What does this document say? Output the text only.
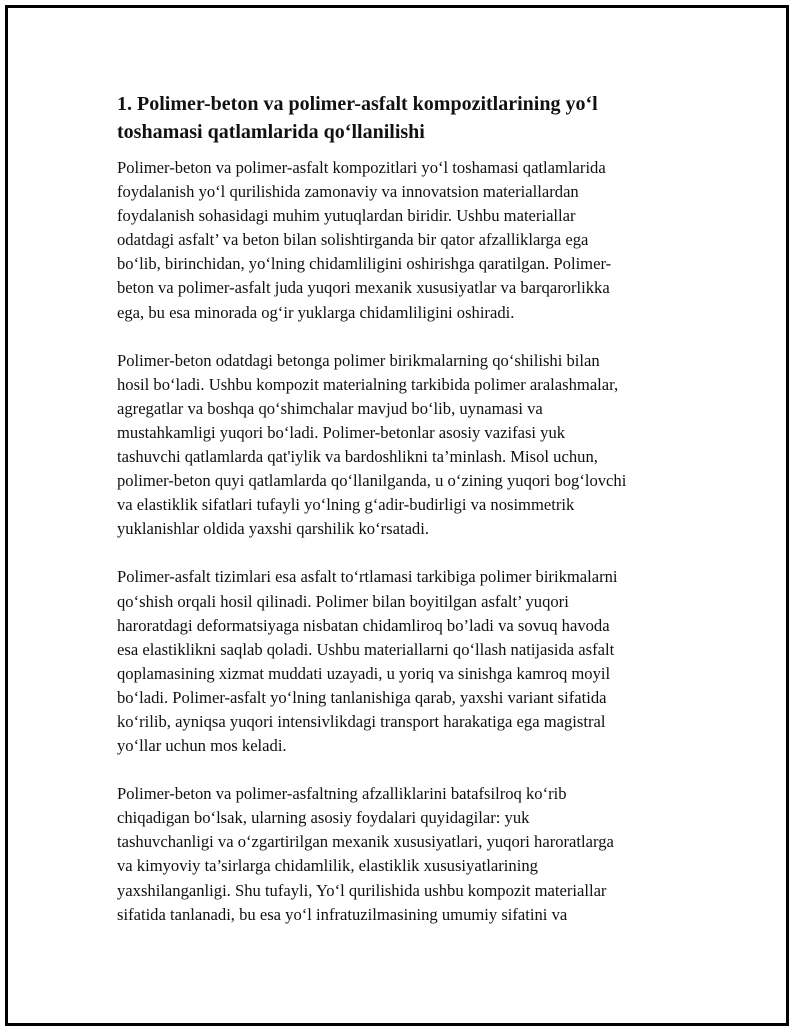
1. Polimer-beton va polimer-asfalt kompozitlarining yo‘l
toshamasi qatlamlarida qo‘llanilishi

Polimer-beton va polimer-asfalt kompozitlari yo‘l toshamasi qatlamlarida
foydalanish yo‘l qurilishida zamonaviy va innovatsion materiallardan
foydalanish sohasidagi muhim yutuqlardan biridir. Ushbu materiallar
odatdagi asfalt’ va beton bilan solishtirganda bir qator afzalliklarga ega
bo‘lib, birinchidan, yo‘lning chidamliligini oshirishga qaratilgan. Polimer-
beton va polimer-asfalt juda yuqori mexanik xususiyatlar va barqarorlikka
ega, bu esa minorada og‘ir yuklarga chidamliligini oshiradi.

Polimer-beton odatdagi betonga polimer birikmalarning qo‘shilishi bilan
hosil bo‘ladi. Ushbu kompozit materialning tarkibida polimer aralashmalar,
agregatlar va boshqa qo‘shimchalar mavjud bo‘lib, uynamasi va
mustahkamligi yuqori bo‘ladi. Polimer-betonlar asosiy vazifasi yuk
tashuvchi qatlamlarda qat'iylik va bardoshlikni ta’minlash. Misol uchun,
polimer-beton quyi qatlamlarda qo‘llanilganda, u o‘zining yuqori bog‘lovchi
va elastiklik sifatlari tufayli yo‘lning g‘adir-budirligi va nosimmetrik
yuklanishlar oldida yaxshi qarshilik ko‘rsatadi.

Polimer-asfalt tizimlari esa asfalt to‘rtlamasi tarkibiga polimer birikmalarni
qo‘shish orqali hosil qilinadi. Polimer bilan boyitilgan asfalt’ yuqori
haroratdagi deformatsiyaga nisbatan chidamliroq bo’ladi va sovuq havoda
esa elastiklikni saqlab qoladi. Ushbu materiallarni qo‘llash natijasida asfalt
qoplamasining xizmat muddati uzayadi, u yoriq va sinishga kamroq moyil
bo‘ladi. Polimer-asfalt yo‘lning tanlanishiga qarab, yaxshi variant sifatida
ko‘rilib, ayniqsa yuqori intensivlikdagi transport harakatiga ega magistral
yo‘llar uchun mos keladi.

Polimer-beton va polimer-asfaltning afzalliklarini batafsilroq ko‘rib
chiqadigan bo‘lsak, ularning asosiy foydalari quyidagilar: yuk
tashuvchanligi va o‘zgartirilgan mexanik xususiyatlari, yuqori haroratlarga
va kimyoviy ta’sirlarga chidamlilik, elastiklik xususiyatlarining
yaxshilanganligi. Shu tufayli, Yo‘l qurilishida ushbu kompozit materiallar
sifatida tanlanadi, bu esa yo‘l infratuzilmasining umumiy sifatini va
